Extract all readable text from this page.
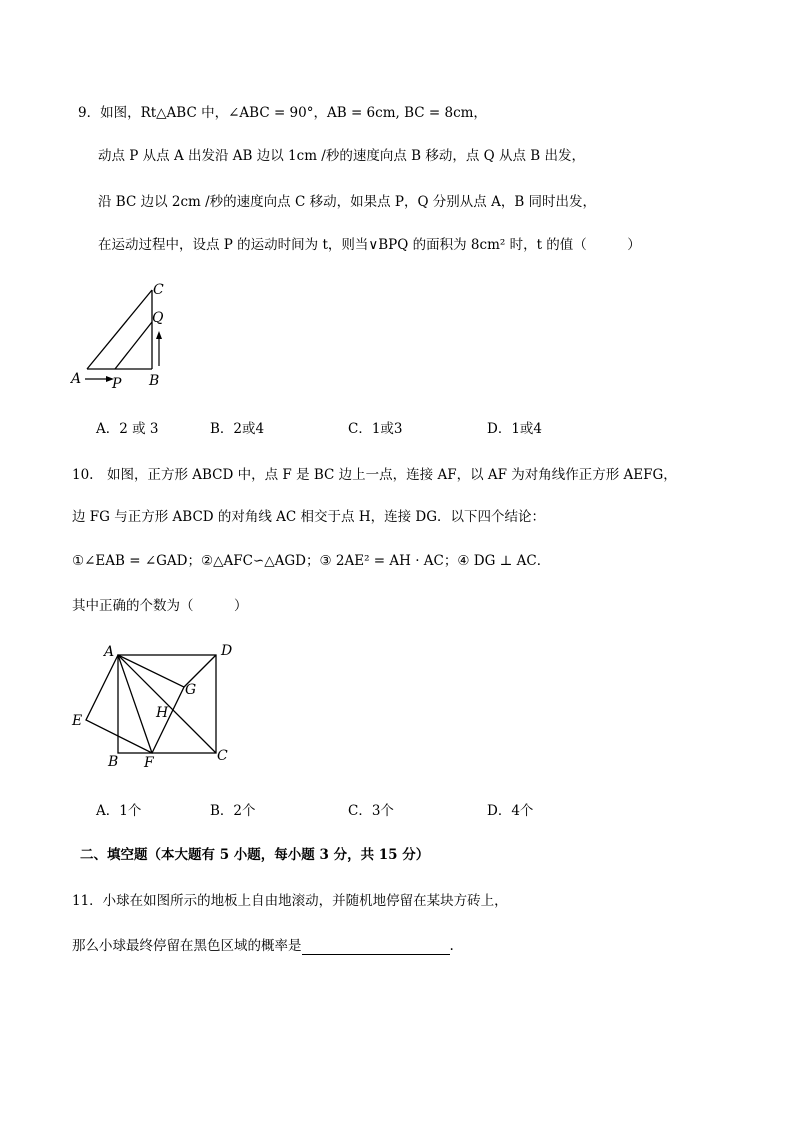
9．如图，Rt△ABC 中，∠ABC = 90°，AB = 6cm, BC = 8cm，
动点 P 从点 A 出发沿 AB 边以 1cm /秒的速度向点 B 移动，点 Q 从点 B 出发，
沿 BC 边以 2cm /秒的速度向点 C 移动，如果点 P，Q 分别从点 A，B 同时出发，
在运动过程中，设点 P 的运动时间为 t，则当∨BPQ 的面积为 8cm² 时，t 的值（　　　）
A	B
C
P
Q
A．2 或 3	B．2或4	C．1或3	D．1或4
10.　如图，正方形 ABCD 中，点 F 是 BC 边上一点，连接 AF，以 AF 为对角线作正方形 AEFG，
边 FG 与正方形 ABCD 的对角线 AC 相交于点 H，连接 DG．以下四个结论：
①∠EAB = ∠GAD；②△AFC∽△AGD；③ 2AE² = AH · AC；④ DG ⊥ AC．
其中正确的个数为（　　　）
A	D
E
G
H
B F	C
A．1个	B．2个	C．3个	D．4个
二、填空题（本大题有 5 小题，每小题 3 分，共 15 分）
11．小球在如图所示的地板上自由地滚动，并随机地停留在某块方砖上，
那么小球最终停留在黑色区域的概率是	.
